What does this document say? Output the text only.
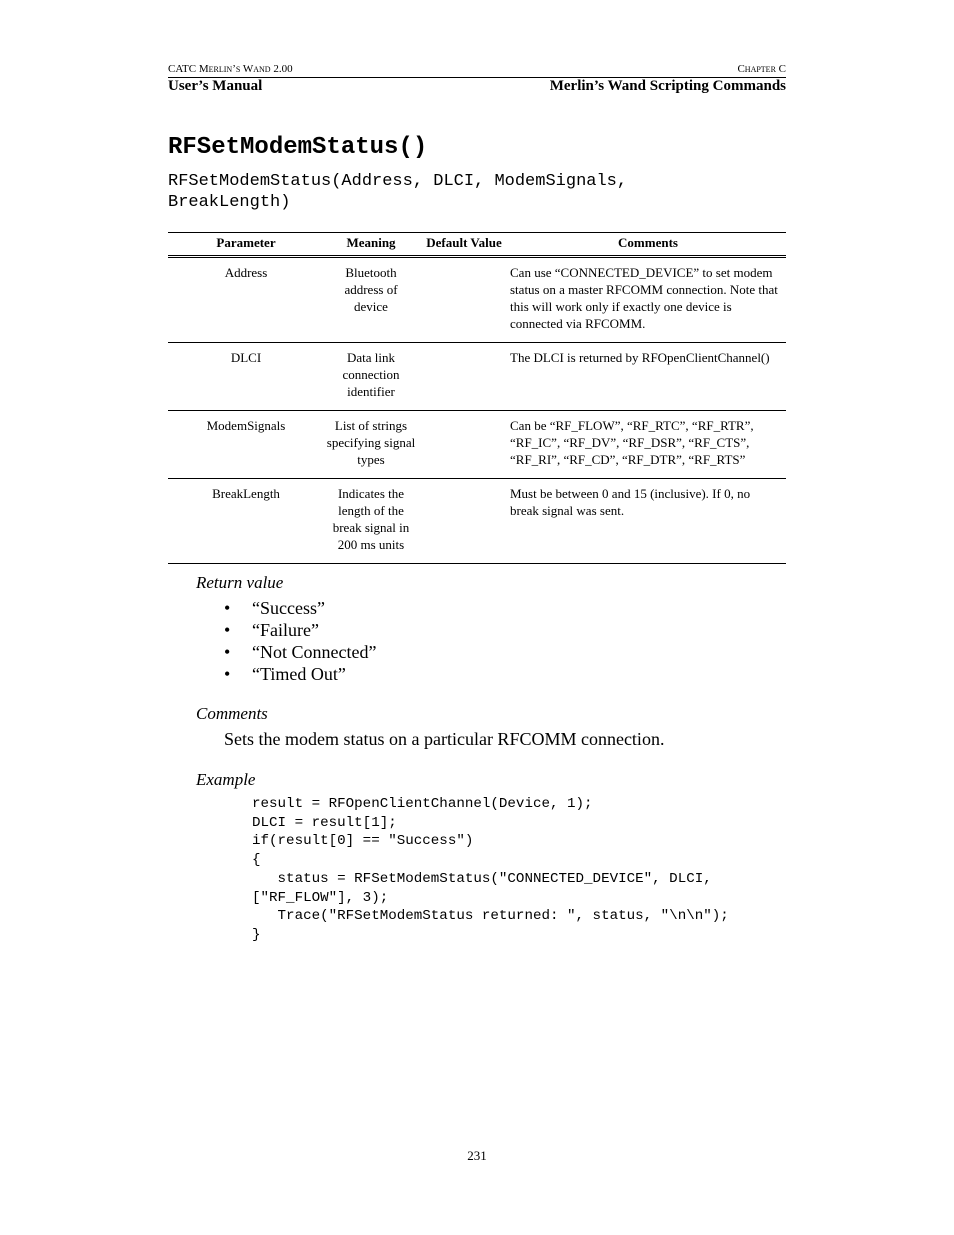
CATC Merlin’s Wand 2.00	Chapter C
User’s Manual	Merlin’s Wand Scripting Commands
RFSetModemStatus()
RFSetModemStatus(Address, DLCI, ModemSignals,
BreakLength)
Parameter	Meaning	Default Value	Comments
Address	Bluetooth address of device		Can use “CONNECTED_DEVICE” to set modem status on a master RFCOMM connection. Note that this will work only if exactly one device is connected via RFCOMM.
DLCI	Data link connection identifier		The DLCI is returned by RFOpenClientChannel()
ModemSignals	List of strings specifying signal types		Can be “RF_FLOW”, “RF_RTC”, “RF_RTR”, “RF_IC”, “RF_DV”, “RF_DSR”, “RF_CTS”, “RF_RI”, “RF_CD”, “RF_DTR”, “RF_RTS”
BreakLength	Indicates the length of the break signal in 200 ms units		Must be between 0 and 15 (inclusive). If 0, no break signal was sent.
Return value
• “Success”
• “Failure”
• “Not Connected”
• “Timed Out”
Comments
Sets the modem status on a particular RFCOMM connection.
Example
result = RFOpenClientChannel(Device, 1);
DLCI = result[1];
if(result[0] == "Success")
{
status = RFSetModemStatus("CONNECTED_DEVICE", DLCI,
["RF_FLOW"], 3);
Trace("RFSetModemStatus returned: ", status, "\n\n");
}
231
